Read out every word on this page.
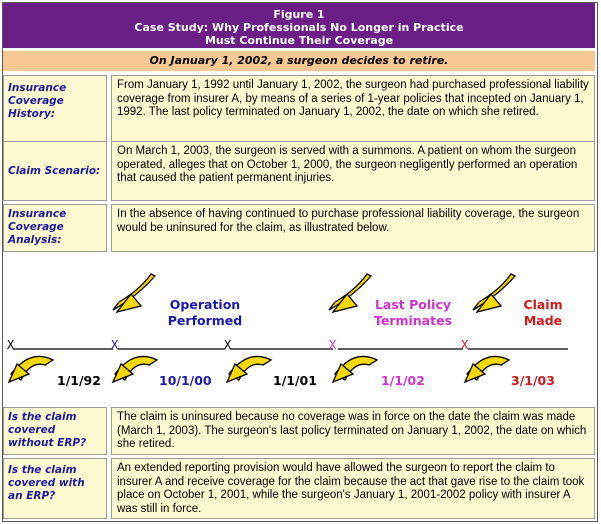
Figure 1
Case Study: Why Professionals No Longer in Practice
Must Continue Their Coverage
On January 1, 2002, a surgeon decides to retire.
Insurance Coverage History:
From January 1, 1992 until January 1, 2002, the surgeon had purchased professional liability coverage from insurer A, by means of a series of 1-year policies that incepted on January 1, 1992. The last policy terminated on January 1, 2002, the date on which she retired.
Claim Scenario:
On March 1, 2003, the surgeon is served with a summons. A patient on whom the surgeon operated, alleges that on October 1, 2000, the surgeon negligently performed an operation that caused the patient permanent injuries.
Insurance Coverage Analysis:
In the absence of having continued to purchase professional liability coverage, the surgeon would be uninsured for the claim, as illustrated below.
Operation
Performed
Last Policy
Terminates
Claim
Made
X	X	X	X	X
1/1/92	10/1/00	1/1/01	1/1/02	3/1/03
Is the claim covered without ERP?
The claim is uninsured because no coverage was in force on the date the claim was made (March 1, 2003). The surgeon's last policy terminated on January 1, 2002, the date on which she retired.
Is the claim covered with an ERP?
An extended reporting provision would have allowed the surgeon to report the claim to insurer A and receive coverage for the claim because the act that gave rise to the claim took place on October 1, 2001, while the surgeon's January 1, 2001-2002 policy with insurer A was still in force.
